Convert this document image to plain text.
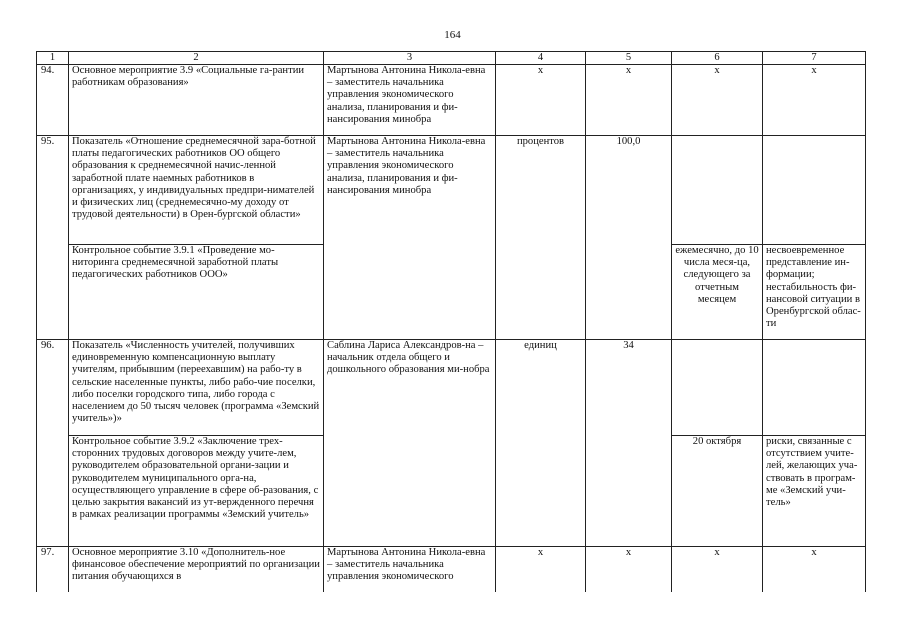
164
1	2	3	4	5	6	7
94.	Основное мероприятие 3.9 «Социальные га-рантии работникам образования»	Мартынова Антонина Никола-евна – заместитель начальника управления экономического анализа, планирования и фи-нансирования минобра	х	х	х	х
95.	Показатель «Отношение среднемесячной зара-ботной платы педагогических работников ОО общего образования к среднемесячной начис-ленной заработной плате наемных работников в организациях, у индивидуальных предпри-нимателей и физических лиц (среднемесячно-му доходу от трудовой деятельности) в Орен-бургской области»	Мартынова Антонина Никола-евна – заместитель начальника управления экономического анализа, планирования и фи-нансирования минобра	процентов	100,0		
	Контрольное событие 3.9.1 «Проведение мо-ниторинга среднемесячной заработной платы педагогических работников ООО»				ежемесячно, до 10 числа меся-ца, следующего за отчетным месяцем	несвоевременное представление ин-формации; нестабильность фи-нансовой ситуации в Оренбургской облас-ти
96.	Показатель «Численность учителей, получивших единовременную компенсационную выплату учителям, прибывшим (переехавшим) на рабо-ту в сельские населенные пункты, либо рабо-чие поселки, либо поселки городского типа, либо города с населением до 50 тысяч человек (программа «Земский учитель»)»	Саблина Лариса Александров-на – начальник отдела общего и дошкольного образования ми-нобра	единиц	34		
	Контрольное событие 3.9.2 «Заключение трех-сторонних трудовых договоров между учите-лем, руководителем образовательной органи-зации и руководителем муниципального орга-на, осуществляющего управление в сфере об-разования, с целью закрытия вакансий из ут-вержденного перечня в рамках реализации программы «Земский учитель»				20 октября	риски, связанные с отсутствием учите-лей, желающих уча-ствовать в програм-ме «Земский учи-тель»
97.	Основное мероприятие 3.10 «Дополнитель-ное финансовое обеспечение мероприятий по организации питания обучающихся в	Мартынова Антонина Никола-евна – заместитель начальника управления экономического	х	х	х	х
